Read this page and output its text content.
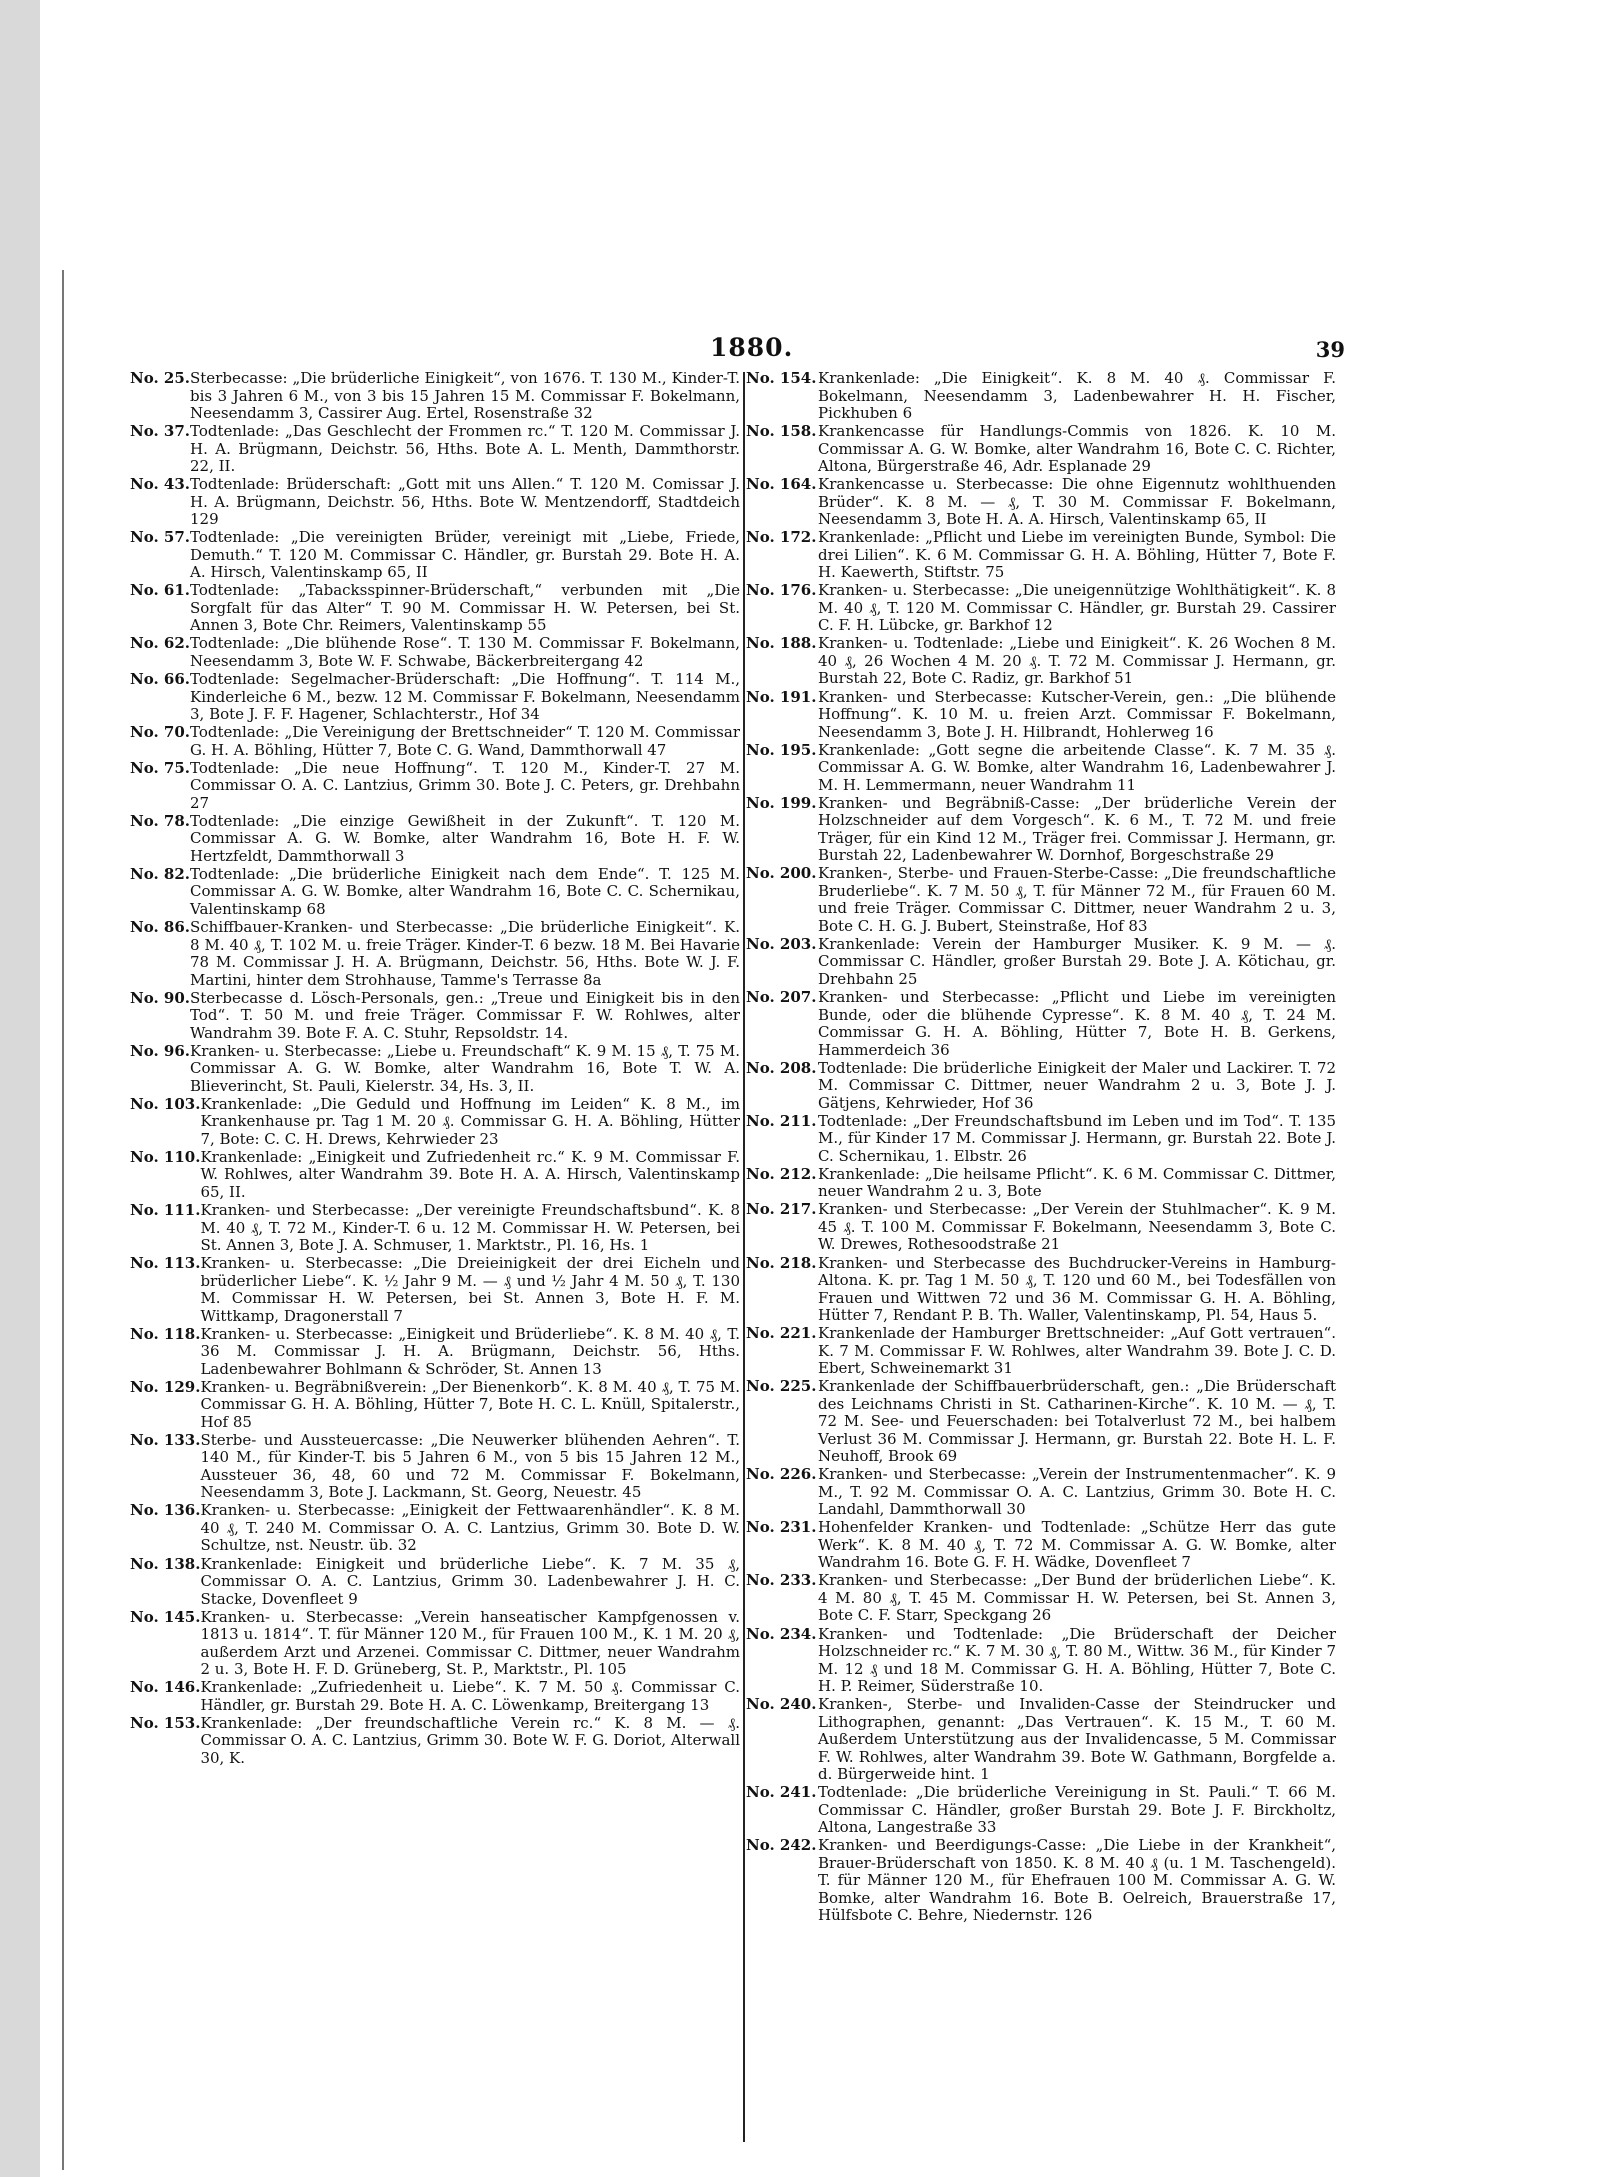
1880.	39
No. 25. Sterbecasse: „Die brüderliche Einigkeit“, von 1676. T. 130 M., Kinder-T. bis 3 Jahren 6 M., von 3 bis 15 Jahren 15 M. Commissar F. Bokelmann, Neesendamm 3, Cassirer Aug. Ertel, Rosenstraße 32
No. 37. Todtenlade: „Das Geschlecht der Frommen rc.“ T. 120 M. Commissar J. H. A. Brügmann, Deichstr. 56, Hths. Bote A. L. Menth, Dammthorstr. 22, II.
No. 43. Todtenlade: Brüderschaft: „Gott mit uns Allen.“ T. 120 M. Comissar J. H. A. Brügmann, Deichstr. 56, Hths. Bote W. Mentzendorff, Stadtdeich 129
No. 57. Todtenlade: „Die vereinigten Brüder, vereinigt mit „Liebe, Friede, Demuth.“ T. 120 M. Commissar C. Händler, gr. Burstah 29. Bote H. A. A. Hirsch, Valentinskamp 65, II
No. 61. Todtenlade: „Tabacksspinner-Brüderschaft,“ verbunden mit „Die Sorgfalt für das Alter“ T. 90 M. Commissar H. W. Petersen, bei St. Annen 3, Bote Chr. Reimers, Valentinskamp 55
No. 62. Todtenlade: „Die blühende Rose“. T. 130 M. Commissar F. Bokelmann, Neesendamm 3, Bote W. F. Schwabe, Bäckerbreitergang 42
No. 66. Todtenlade: Segelmacher-Brüderschaft: „Die Hoffnung“. T. 114 M., Kinderleiche 6 M., bezw. 12 M. Commissar F. Bokelmann, Neesendamm 3, Bote J. F. F. Hagener, Schlachterstr., Hof 34
No. 70. Todtenlade: „Die Vereinigung der Brettschneider“ T. 120 M. Commissar G. H. A. Böhling, Hütter 7, Bote C. G. Wand, Dammthorwall 47
No. 75. Todtenlade: „Die neue Hoffnung“. T. 120 M., Kinder-T. 27 M. Commissar O. A. C. Lantzius, Grimm 30. Bote J. C. Peters, gr. Drehbahn 27
No. 78. Todtenlade: „Die einzige Gewißheit in der Zukunft“. T. 120 M. Commissar A. G. W. Bomke, alter Wandrahm 16, Bote H. F. W. Hertzfeldt, Dammthorwall 3
No. 82. Todtenlade: „Die brüderliche Einigkeit nach dem Ende“. T. 125 M. Commissar A. G. W. Bomke, alter Wandrahm 16, Bote C. C. Schernikau, Valentinskamp 68
No. 86. Schiffbauer-Kranken- und Sterbecasse: „Die brüderliche Einigkeit“. K. 8 M. 40 ₰, T. 102 M. u. freie Träger. Kinder-T. 6 bezw. 18 M. Bei Havarie 78 M. Commissar J. H. A. Brügmann, Deichstr. 56, Hths. Bote W. J. F. Martini, hinter dem Strohhause, Tamme's Terrasse 8a
No. 90. Sterbecasse d. Lösch-Personals, gen.: „Treue und Einigkeit bis in den Tod“. T. 50 M. und freie Träger. Commissar F. W. Rohlwes, alter Wandrahm 39. Bote F. A. C. Stuhr, Repsoldstr. 14.
No. 96. Kranken- u. Sterbecasse: „Liebe u. Freundschaft“ K. 9 M. 15 ₰, T. 75 M. Commissar A. G. W. Bomke, alter Wandrahm 16, Bote T. W. A. Blieverincht, St. Pauli, Kielerstr. 34, Hs. 3, II.
No. 103. Krankenlade: „Die Geduld und Hoffnung im Leiden“ K. 8 M., im Krankenhause pr. Tag 1 M. 20 ₰. Commissar G. H. A. Böhling, Hütter 7, Bote: C. C. H. Drews, Kehrwieder 23
No. 110. Krankenlade: „Einigkeit und Zufriedenheit rc.“ K. 9 M. Commissar F. W. Rohlwes, alter Wandrahm 39. Bote H. A. A. Hirsch, Valentinskamp 65, II.
No. 111. Kranken- und Sterbecasse: „Der vereinigte Freundschaftsbund“. K. 8 M. 40 ₰, T. 72 M., Kinder-T. 6 u. 12 M. Commissar H. W. Petersen, bei St. Annen 3, Bote J. A. Schmuser, 1. Marktstr., Pl. 16, Hs. 1
No. 113. Kranken- u. Sterbecasse: „Die Dreieinigkeit der drei Eicheln und brüderlicher Liebe“. K. ½ Jahr 9 M. — ₰ und ½ Jahr 4 M. 50 ₰, T. 130 M. Commissar H. W. Petersen, bei St. Annen 3, Bote H. F. M. Wittkamp, Dragonerstall 7
No. 118. Kranken- u. Sterbecasse: „Einigkeit und Brüderliebe“. K. 8 M. 40 ₰, T. 36 M. Commissar J. H. A. Brügmann, Deichstr. 56, Hths. Ladenbewahrer Bohlmann & Schröder, St. Annen 13
No. 129. Kranken- u. Begräbnißverein: „Der Bienenkorb“. K. 8 M. 40 ₰, T. 75 M. Commissar G. H. A. Böhling, Hütter 7, Bote H. C. L. Knüll, Spitalerstr., Hof 85
No. 133. Sterbe- und Aussteuercasse: „Die Neuwerker blühenden Aehren“. T. 140 M., für Kinder-T. bis 5 Jahren 6 M., von 5 bis 15 Jahren 12 M., Aussteuer 36, 48, 60 und 72 M. Commissar F. Bokelmann, Neesendamm 3, Bote J. Lackmann, St. Georg, Neuestr. 45
No. 136. Kranken- u. Sterbecasse: „Einigkeit der Fettwaarenhändler“. K. 8 M. 40 ₰, T. 240 M. Commissar O. A. C. Lantzius, Grimm 30. Bote D. W. Schultze, nst. Neustr. üb. 32
No. 138. Krankenlade: Einigkeit und brüderliche Liebe“. K. 7 M. 35 ₰, Commissar O. A. C. Lantzius, Grimm 30. Ladenbewahrer J. H. C. Stacke, Dovenfleet 9
No. 145. Kranken- u. Sterbecasse: „Verein hanseatischer Kampfgenossen v. 1813 u. 1814“. T. für Männer 120 M., für Frauen 100 M., K. 1 M. 20 ₰, außerdem Arzt und Arzenei. Commissar C. Dittmer, neuer Wandrahm 2 u. 3, Bote H. F. D. Grüneberg, St. P., Marktstr., Pl. 105
No. 146. Krankenlade: „Zufriedenheit u. Liebe“. K. 7 M. 50 ₰. Commissar C. Händler, gr. Burstah 29. Bote H. A. C. Löwenkamp, Breitergang 13
No. 153. Krankenlade: „Der freundschaftliche Verein rc.“ K. 8 M. — ₰. Commissar O. A. C. Lantzius, Grimm 30. Bote W. F. G. Doriot, Alterwall 30, K.
No. 154. Krankenlade: „Die Einigkeit“. K. 8 M. 40 ₰. Commissar F. Bokelmann, Neesendamm 3, Ladenbewahrer H. H. Fischer, Pickhuben 6
No. 158. Krankencasse für Handlungs-Commis von 1826. K. 10 M. Commissar A. G. W. Bomke, alter Wandrahm 16, Bote C. C. Richter, Altona, Bürgerstraße 46, Adr. Esplanade 29
No. 164. Krankencasse u. Sterbecasse: Die ohne Eigennutz wohlthuenden Brüder“. K. 8 M. — ₰, T. 30 M. Commissar F. Bokelmann, Neesendamm 3, Bote H. A. A. Hirsch, Valentinskamp 65, II
No. 172. Krankenlade: „Pflicht und Liebe im vereinigten Bunde, Symbol: Die drei Lilien“. K. 6 M. Commissar G. H. A. Böhling, Hütter 7, Bote F. H. Kaewerth, Stiftstr. 75
No. 176. Kranken- u. Sterbecasse: „Die uneigennützige Wohlthätigkeit“. K. 8 M. 40 ₰, T. 120 M. Commissar C. Händler, gr. Burstah 29. Cassirer C. F. H. Lübcke, gr. Barkhof 12
No. 188. Kranken- u. Todtenlade: „Liebe und Einigkeit“. K. 26 Wochen 8 M. 40 ₰, 26 Wochen 4 M. 20 ₰. T. 72 M. Commissar J. Hermann, gr. Burstah 22, Bote C. Radiz, gr. Barkhof 51
No. 191. Kranken- und Sterbecasse: Kutscher-Verein, gen.: „Die blühende Hoffnung“. K. 10 M. u. freien Arzt. Commissar F. Bokelmann, Neesendamm 3, Bote J. H. Hilbrandt, Hohlerweg 16
No. 195. Krankenlade: „Gott segne die arbeitende Classe“. K. 7 M. 35 ₰. Commissar A. G. W. Bomke, alter Wandrahm 16, Ladenbewahrer J. M. H. Lemmermann, neuer Wandrahm 11
No. 199. Kranken- und Begräbniß-Casse: „Der brüderliche Verein der Holzschneider auf dem Vorgesch“. K. 6 M., T. 72 M. und freie Träger, für ein Kind 12 M., Träger frei. Commissar J. Hermann, gr. Burstah 22, Ladenbewahrer W. Dornhof, Borgeschstraße 29
No. 200. Kranken-, Sterbe- und Frauen-Sterbe-Casse: „Die freundschaftliche Bruderliebe“. K. 7 M. 50 ₰, T. für Männer 72 M., für Frauen 60 M. und freie Träger. Commissar C. Dittmer, neuer Wandrahm 2 u. 3, Bote C. H. G. J. Bubert, Steinstraße, Hof 83
No. 203. Krankenlade: Verein der Hamburger Musiker. K. 9 M. — ₰. Commissar C. Händler, großer Burstah 29. Bote J. A. Kötichau, gr. Drehbahn 25
No. 207. Kranken- und Sterbecasse: „Pflicht und Liebe im vereinigten Bunde, oder die blühende Cypresse“. K. 8 M. 40 ₰, T. 24 M. Commissar G. H. A. Böhling, Hütter 7, Bote H. B. Gerkens, Hammerdeich 36
No. 208. Todtenlade: Die brüderliche Einigkeit der Maler und Lackirer. T. 72 M. Commissar C. Dittmer, neuer Wandrahm 2 u. 3, Bote J. J. Gätjens, Kehrwieder, Hof 36
No. 211. Todtenlade: „Der Freundschaftsbund im Leben und im Tod“. T. 135 M., für Kinder 17 M. Commissar J. Hermann, gr. Burstah 22. Bote J. C. Schernikau, 1. Elbstr. 26
No. 212. Krankenlade: „Die heilsame Pflicht“. K. 6 M. Commissar C. Dittmer, neuer Wandrahm 2 u. 3, Bote
No. 217. Kranken- und Sterbecasse: „Der Verein der Stuhlmacher“. K. 9 M. 45 ₰. T. 100 M. Commissar F. Bokelmann, Neesendamm 3, Bote C. W. Drewes, Rothesoodstraße 21
No. 218. Kranken- und Sterbecasse des Buchdrucker-Vereins in Hamburg-Altona. K. pr. Tag 1 M. 50 ₰, T. 120 und 60 M., bei Todesfällen von Frauen und Wittwen 72 und 36 M. Commissar G. H. A. Böhling, Hütter 7, Rendant P. B. Th. Waller, Valentinskamp, Pl. 54, Haus 5.
No. 221. Krankenlade der Hamburger Brettschneider: „Auf Gott vertrauen“. K. 7 M. Commissar F. W. Rohlwes, alter Wandrahm 39. Bote J. C. D. Ebert, Schweinemarkt 31
No. 225. Krankenlade der Schiffbauerbrüderschaft, gen.: „Die Brüderschaft des Leichnams Christi in St. Catharinen-Kirche“. K. 10 M. — ₰, T. 72 M. See- und Feuerschaden: bei Totalverlust 72 M., bei halbem Verlust 36 M. Commissar J. Hermann, gr. Burstah 22. Bote H. L. F. Neuhoff, Brook 69
No. 226. Kranken- und Sterbecasse: „Verein der Instrumentenmacher“. K. 9 M., T. 92 M. Commissar O. A. C. Lantzius, Grimm 30. Bote H. C. Landahl, Dammthorwall 30
No. 231. Hohenfelder Kranken- und Todtenlade: „Schütze Herr das gute Werk“. K. 8 M. 40 ₰, T. 72 M. Commissar A. G. W. Bomke, alter Wandrahm 16. Bote G. F. H. Wädke, Dovenfleet 7
No. 233. Kranken- und Sterbecasse: „Der Bund der brüderlichen Liebe“. K. 4 M. 80 ₰, T. 45 M. Commissar H. W. Petersen, bei St. Annen 3, Bote C. F. Starr, Speckgang 26
No. 234. Kranken- und Todtenlade: „Die Brüderschaft der Deicher Holzschneider rc.“ K. 7 M. 30 ₰, T. 80 M., Wittw. 36 M., für Kinder 7 M. 12 ₰ und 18 M. Commissar G. H. A. Böhling, Hütter 7, Bote C. H. P. Reimer, Süderstraße 10.
No. 240. Kranken-, Sterbe- und Invaliden-Casse der Steindrucker und Lithographen, genannt: „Das Vertrauen“. K. 15 M., T. 60 M. Außerdem Unterstützung aus der Invalidencasse, 5 M. Commissar F. W. Rohlwes, alter Wandrahm 39. Bote W. Gathmann, Borgfelde a. d. Bürgerweide hint. 1
No. 241. Todtenlade: „Die brüderliche Vereinigung in St. Pauli.“ T. 66 M. Commissar C. Händler, großer Burstah 29. Bote J. F. Birckholtz, Altona, Langestraße 33
No. 242. Kranken- und Beerdigungs-Casse: „Die Liebe in der Krankheit“, Brauer-Brüderschaft von 1850. K. 8 M. 40 ₰ (u. 1 M. Taschengeld). T. für Männer 120 M., für Ehefrauen 100 M. Commissar A. G. W. Bomke, alter Wandrahm 16. Bote B. Oelreich, Brauerstraße 17, Hülfsbote C. Behre, Niedernstr. 126
